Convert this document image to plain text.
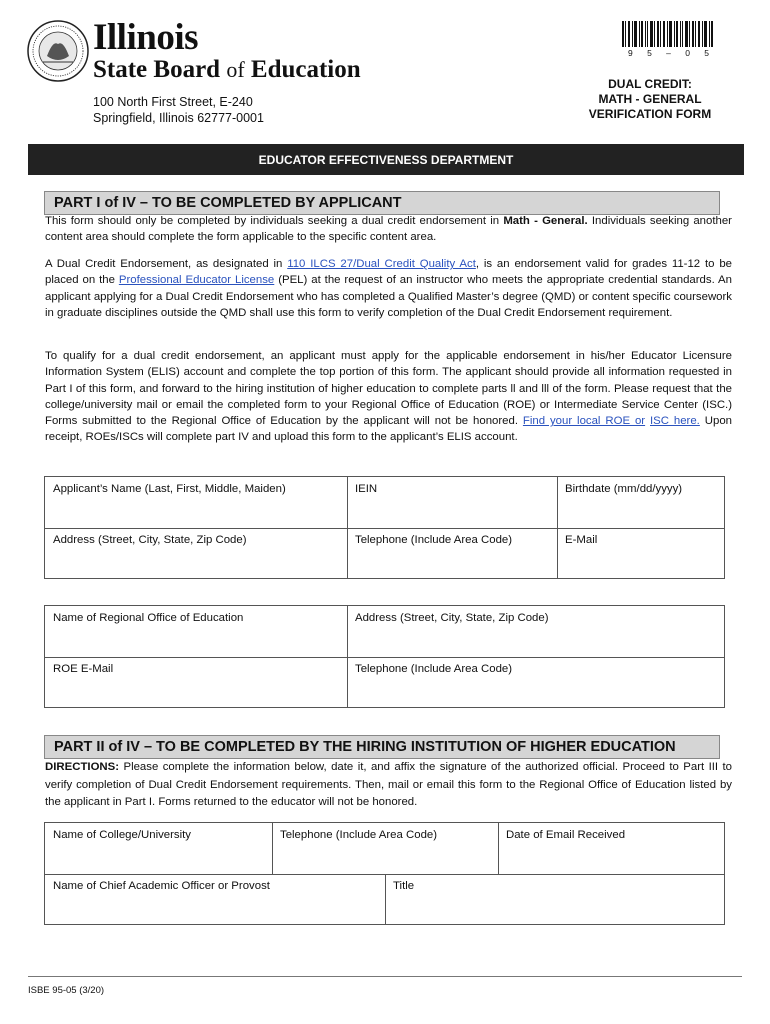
Illinois
State Board of Education
100 North First Street, E-240
Springfield, Illinois 62777-0001
9 5 – 0 5
DUAL CREDIT:
MATH - GENERAL
VERIFICATION FORM
EDUCATOR EFFECTIVENESS DEPARTMENT
PART I of IV – TO BE COMPLETED BY APPLICANT

This form should only be completed by individuals seeking a dual credit endorsement in Math - General. Individuals seeking another content area should complete the form applicable to the specific content area.

A Dual Credit Endorsement, as designated in 110 ILCS 27/Dual Credit Quality Act, is an endorsement valid for grades 11-12 to be placed on the Professional Educator License (PEL) at the request of an instructor who meets the appropriate credential standards. An applicant applying for a Dual Credit Endorsement who has completed a Qualified Master’s degree (QMD) or content specific coursework in graduate disciplines outside the QMD shall use this form to verify completion of the Dual Credit Endorsement requirement.

To qualify for a dual credit endorsement, an applicant must apply for the applicable endorsement in his/her Educator Licensure Information System (ELIS) account and complete the top portion of this form. The applicant should provide all information requested in Part I of this form, and forward to the hiring institution of higher education to complete parts ll and lll of the form. Please request that the college/university mail or email the completed form to your Regional Office of Education (ROE) or Intermediate Service Center (ISC.) Forms submitted to the Regional Office of Education by the applicant will not be honored. Find your local ROE or ISC here. Upon receipt, ROEs/ISCs will complete part IV and upload this form to the applicant’s ELIS account.

Applicant’s Name (Last, First, Middle, Maiden)	IEIN	Birthdate (mm/dd/yyyy)
Address (Street, City, State, Zip Code)	Telephone (Include Area Code)	E-Mail
Name of Regional Office of Education	Address (Street, City, State, Zip Code)
ROE E-Mail	Telephone (Include Area Code)
PART II of IV – TO BE COMPLETED BY THE HIRING INSTITUTION OF HIGHER EDUCATION

DIRECTIONS: Please complete the information below, date it, and affix the signature of the authorized official. Proceed to Part III to verify completion of Dual Credit Endorsement requirements. Then, mail or email this form to the Regional Office of Education listed by the applicant in Part I. Forms returned to the educator will not be honored.

Name of College/University	Telephone (Include Area Code)	Date of Email Received
Name of Chief Academic Officer or Provost	Title
ISBE 95-05 (3/20)
